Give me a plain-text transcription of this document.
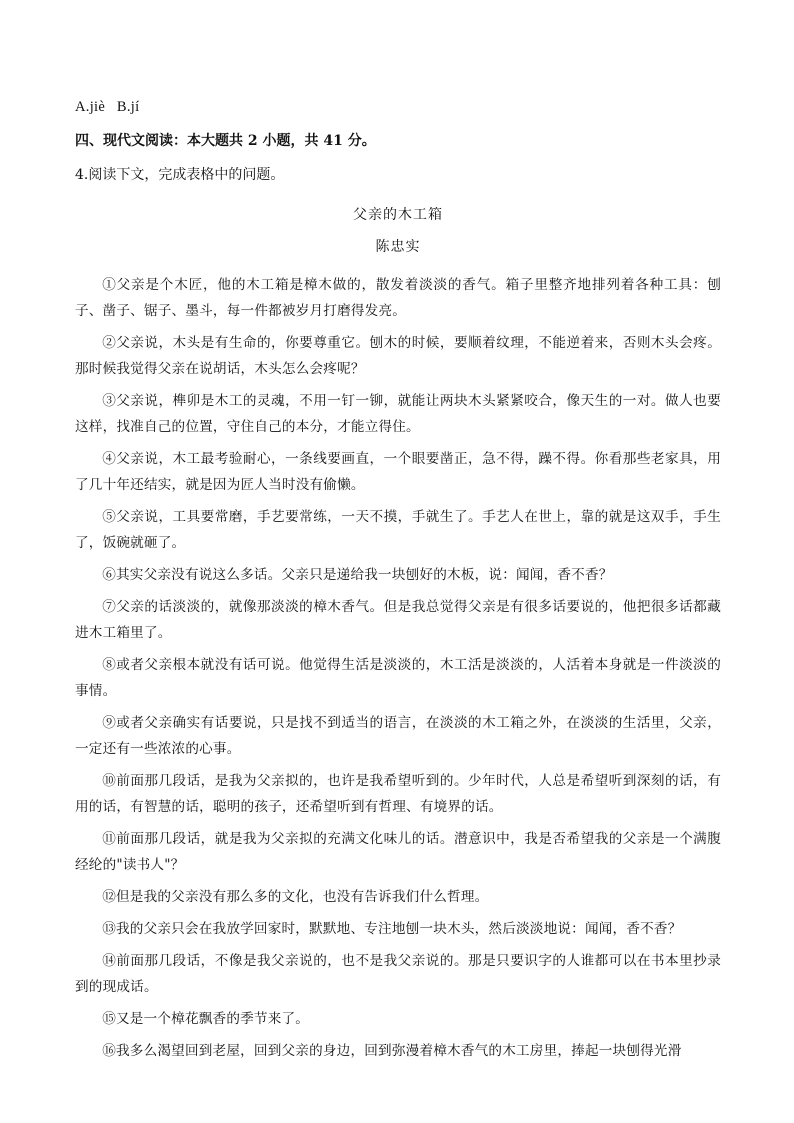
A.jiè   B.jí

四、现代文阅读：本大题共 2 小题，共 41 分。

4.阅读下文，完成表格中的问题。

父亲的木工箱

陈忠实

①父亲是个木匠，他的木工箱是樟木做的，散发着淡淡的香气。箱子里整齐地排列着各种工具：刨子、凿子、锯子、墨斗，每一件都被岁月打磨得发亮。

②父亲说，木头是有生命的，你要尊重它。刨木的时候，要顺着纹理，不能逆着来，否则木头会疼。那时候我觉得父亲在说胡话，木头怎么会疼呢？

③父亲说，榫卯是木工的灵魂，不用一钉一铆，就能让两块木头紧紧咬合，像天生的一对。做人也要这样，找准自己的位置，守住自己的本分，才能立得住。

④父亲说，木工最考验耐心，一条线要画直，一个眼要凿正，急不得，躁不得。你看那些老家具，用了几十年还结实，就是因为匠人当时没有偷懒。

⑤父亲说，工具要常磨，手艺要常练，一天不摸，手就生了。手艺人在世上，靠的就是这双手，手生了，饭碗就砸了。

⑥其实父亲没有说这么多话。父亲只是递给我一块刨好的木板，说：闻闻，香不香？

⑦父亲的话淡淡的，就像那淡淡的樟木香气。但是我总觉得父亲是有很多话要说的，他把很多话都藏进木工箱里了。

⑧或者父亲根本就没有话可说。他觉得生活是淡淡的，木工活是淡淡的，人活着本身就是一件淡淡的事情。

⑨或者父亲确实有话要说，只是找不到适当的语言，在淡淡的木工箱之外，在淡淡的生活里，父亲，一定还有一些浓浓的心事。

⑩前面那几段话，是我为父亲拟的，也许是我希望听到的。少年时代，人总是希望听到深刻的话，有用的话，有智慧的话，聪明的孩子，还希望听到有哲理、有境界的话。

⑪前面那几段话，就是我为父亲拟的充满文化味儿的话。潜意识中，我是否希望我的父亲是一个满腹经纶的"读书人"？

⑫但是我的父亲没有那么多的文化，也没有告诉我们什么哲理。

⑬我的父亲只会在我放学回家时，默默地、专注地刨一块木头，然后淡淡地说：闻闻，香不香？

⑭前面那几段话，不像是我父亲说的，也不是我父亲说的。那是只要识字的人谁都可以在书本里抄录到的现成话。

⑮又是一个樟花飘香的季节来了。

⑯我多么渴望回到老屋，回到父亲的身边，回到弥漫着樟木香气的木工房里，捧起一块刨得光滑
